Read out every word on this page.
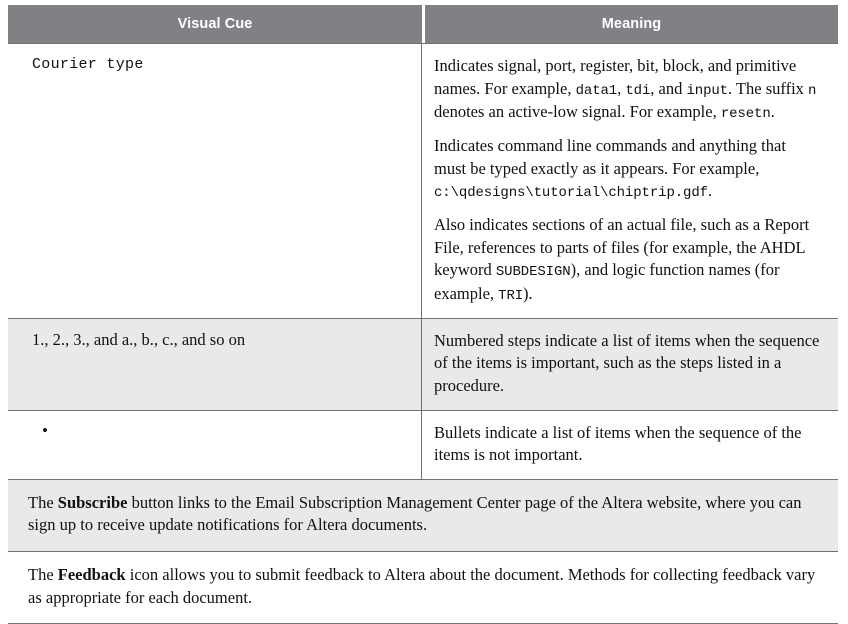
Visual Cue	Meaning
Courier type	Indicates signal, port, register, bit, block, and primitive names. For example, data1, tdi, and input. The suffix n denotes an active-low signal. For example, resetn.

Indicates command line commands and anything that must be typed exactly as it appears. For example, c:\qdesigns\tutorial\chiptrip.gdf.

Also indicates sections of an actual file, such as a Report File, references to parts of files (for example, the AHDL keyword SUBDESIGN), and logic function names (for example, TRI).

1., 2., 3., and a., b., c., and so on	Numbered steps indicate a list of items when the sequence of the items is important, such as the steps listed in a procedure.

•	Bullets indicate a list of items when the sequence of the items is not important.

The Subscribe button links to the Email Subscription Management Center page of the Altera website, where you can sign up to receive update notifications for Altera documents.

The Feedback icon allows you to submit feedback to Altera about the document. Methods for collecting feedback vary as appropriate for each document.
